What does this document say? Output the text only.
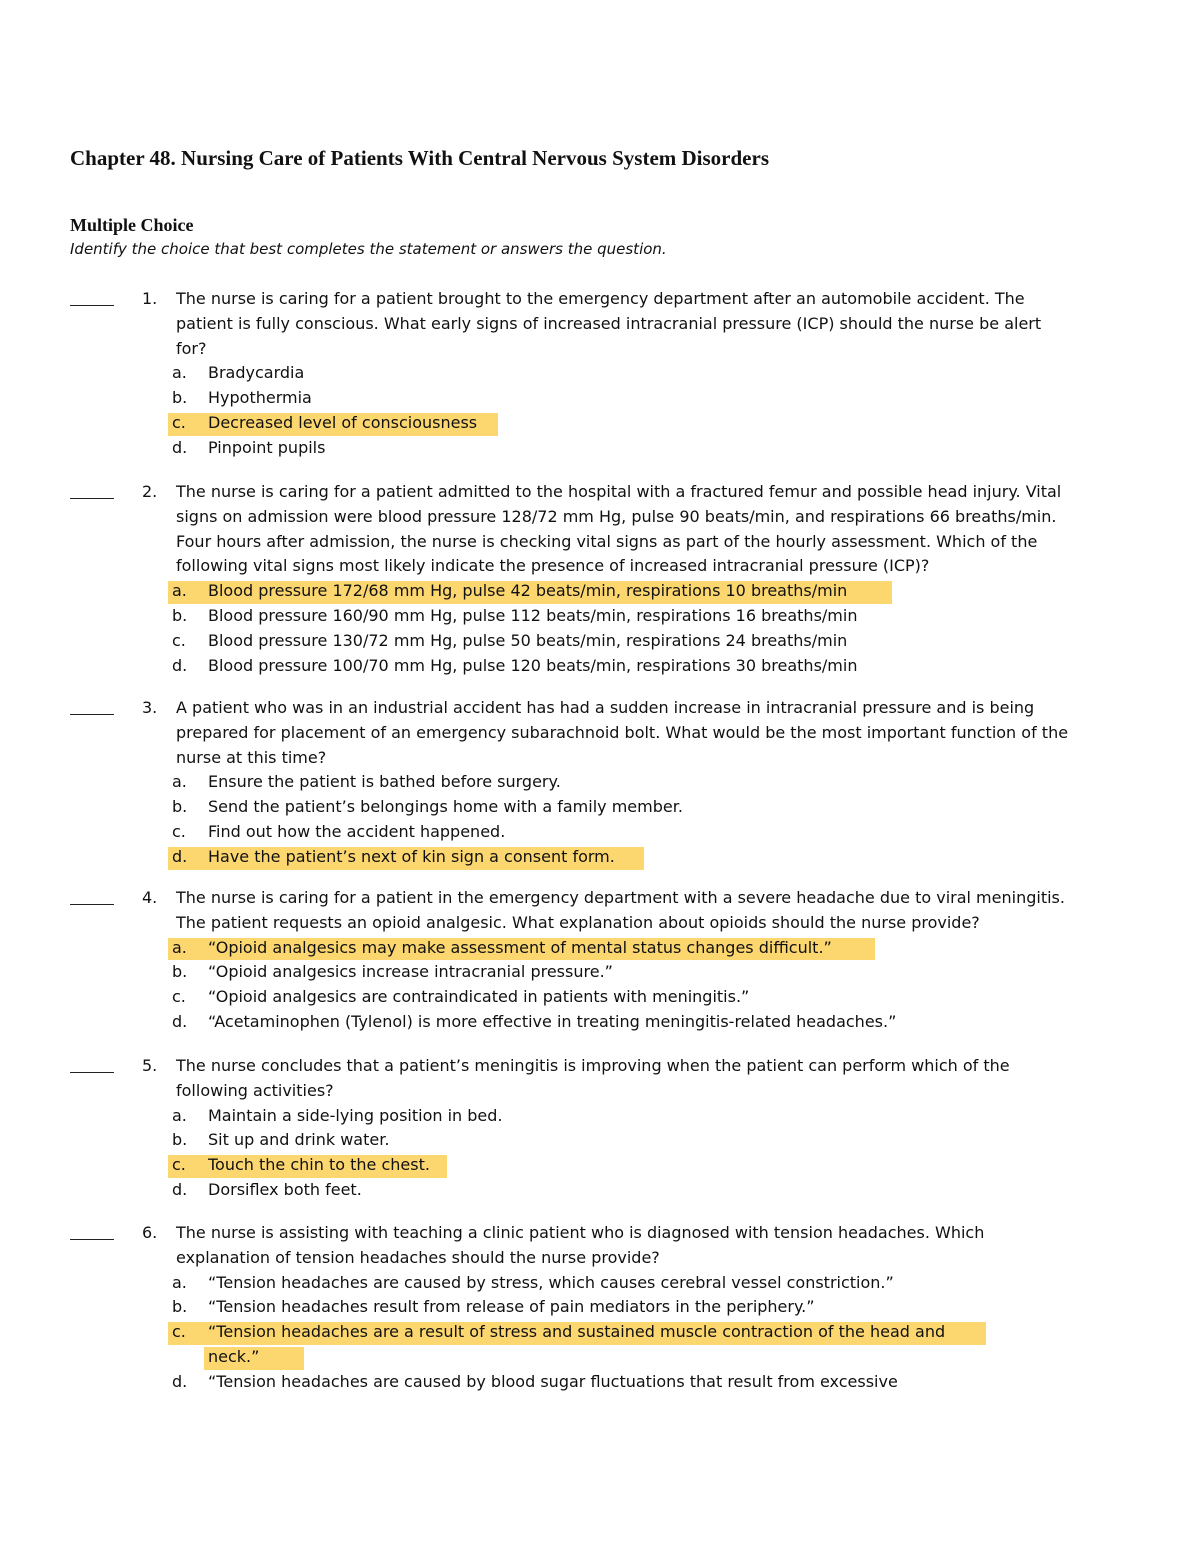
Chapter 48. Nursing Care of Patients With Central Nervous System Disorders
Multiple Choice

Identify the choice that best completes the statement or answers the question.

1. The nurse is caring for a patient brought to the emergency department after an automobile accident. The
patient is fully conscious. What early signs of increased intracranial pressure (ICP) should the nurse be alert
for?
a. Bradycardia
b. Hypothermia
c. Decreased level of consciousness
d. Pinpoint pupils
2. The nurse is caring for a patient admitted to the hospital with a fractured femur and possible head injury. Vital
signs on admission were blood pressure 128/72 mm Hg, pulse 90 beats/min, and respirations 66 breaths/min.
Four hours after admission, the nurse is checking vital signs as part of the hourly assessment. Which of the
following vital signs most likely indicate the presence of increased intracranial pressure (ICP)?
a. Blood pressure 172/68 mm Hg, pulse 42 beats/min, respirations 10 breaths/min
b. Blood pressure 160/90 mm Hg, pulse 112 beats/min, respirations 16 breaths/min
c. Blood pressure 130/72 mm Hg, pulse 50 beats/min, respirations 24 breaths/min
d. Blood pressure 100/70 mm Hg, pulse 120 beats/min, respirations 30 breaths/min
3. A patient who was in an industrial accident has had a sudden increase in intracranial pressure and is being
prepared for placement of an emergency subarachnoid bolt. What would be the most important function of the
nurse at this time?
a. Ensure the patient is bathed before surgery.
b. Send the patient’s belongings home with a family member.
c. Find out how the accident happened.
d. Have the patient’s next of kin sign a consent form.
4. The nurse is caring for a patient in the emergency department with a severe headache due to viral meningitis.
The patient requests an opioid analgesic. What explanation about opioids should the nurse provide?
a. “Opioid analgesics may make assessment of mental status changes difficult.”
b. “Opioid analgesics increase intracranial pressure.”
c. “Opioid analgesics are contraindicated in patients with meningitis.”
d. “Acetaminophen (Tylenol) is more effective in treating meningitis-related headaches.”
5. The nurse concludes that a patient’s meningitis is improving when the patient can perform which of the
following activities?
a. Maintain a side-lying position in bed.
b. Sit up and drink water.
c. Touch the chin to the chest.
d. Dorsiflex both feet.
6. The nurse is assisting with teaching a clinic patient who is diagnosed with tension headaches. Which
explanation of tension headaches should the nurse provide?
a. “Tension headaches are caused by stress, which causes cerebral vessel constriction.”
b. “Tension headaches result from release of pain mediators in the periphery.”
c. “Tension headaches are a result of stress and sustained muscle contraction of the head and
neck.”
d. “Tension headaches are caused by blood sugar fluctuations that result from excessive
